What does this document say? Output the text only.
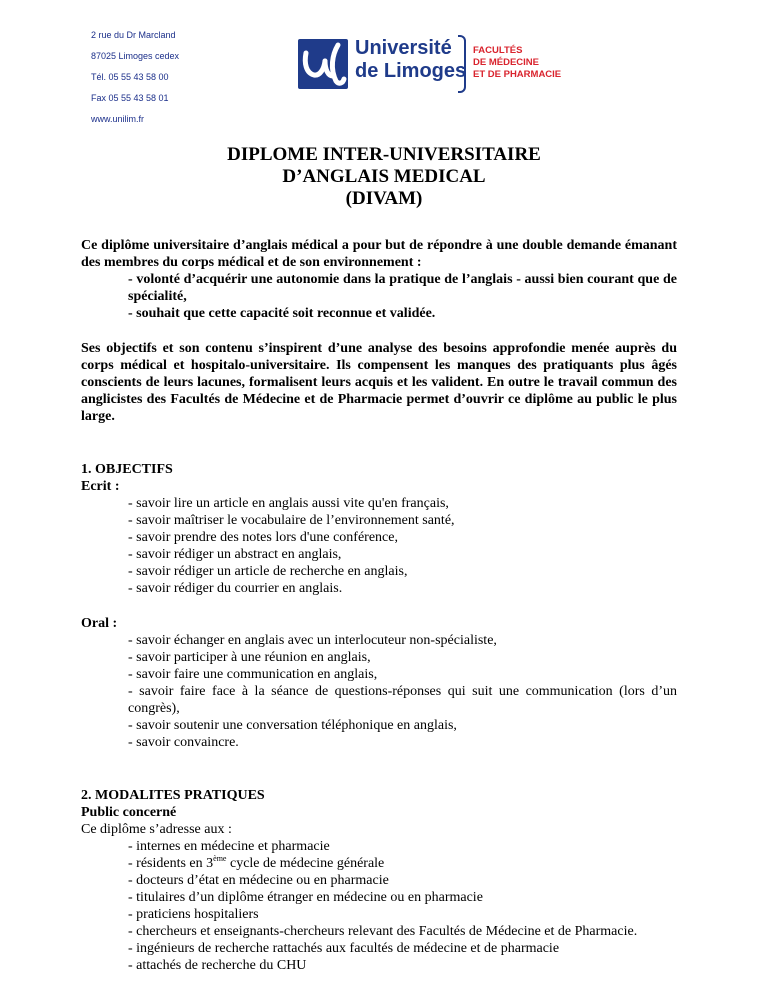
2 rue du Dr Marcland
87025 Limoges cedex
Tél. 05 55 43 58 00
Fax 05 55 43 58 01
www.unilim.fr
Université
de Limoges
FACULTÉS
DE MÉDECINE
ET DE PHARMACIE
DIPLOME INTER-UNIVERSITAIRE
D’ANGLAIS MEDICAL
(DIVAM)

Ce diplôme universitaire d’anglais médical a pour but de répondre à une double demande émanant des membres du corps médical et de son environnement :

- volonté d’acquérir une autonomie dans la pratique de l’anglais - aussi bien courant que de spécialité,

- souhait que cette capacité soit reconnue et validée.

Ses objectifs et son contenu s’inspirent d’une analyse des besoins approfondie menée auprès du corps médical et hospitalo-universitaire. Ils compensent les manques des pratiquants plus âgés conscients de leurs lacunes, formalisent leurs acquis et les valident. En outre le travail commun des anglicistes des Facultés de Médecine et de Pharmacie permet d’ouvrir ce diplôme au public le plus large.

1. OBJECTIFS

Ecrit :

- savoir lire un article en anglais aussi vite qu'en français,

- savoir maîtriser le vocabulaire de l’environnement santé,

- savoir prendre des notes lors d'une conférence,

- savoir rédiger un abstract en anglais,

- savoir rédiger un article de recherche en anglais,

- savoir rédiger du courrier en anglais.

Oral :

- savoir échanger en anglais avec un interlocuteur non-spécialiste,

- savoir participer à une réunion en anglais,

- savoir faire une communication en anglais,

- savoir faire face à la séance de questions-réponses qui suit une communication (lors d’un congrès),

- savoir soutenir une conversation téléphonique en anglais,

- savoir convaincre.

2. MODALITES PRATIQUES

Public concerné

Ce diplôme s’adresse aux :

- internes en médecine et pharmacie

- résidents en 3ème cycle de médecine générale

- docteurs d’état en médecine ou en pharmacie

- titulaires d’un diplôme étranger en médecine ou en pharmacie

- praticiens hospitaliers

- chercheurs et enseignants-chercheurs relevant des Facultés de Médecine et de Pharmacie.

- ingénieurs de recherche rattachés aux facultés de médecine et de pharmacie

- attachés de recherche du CHU
